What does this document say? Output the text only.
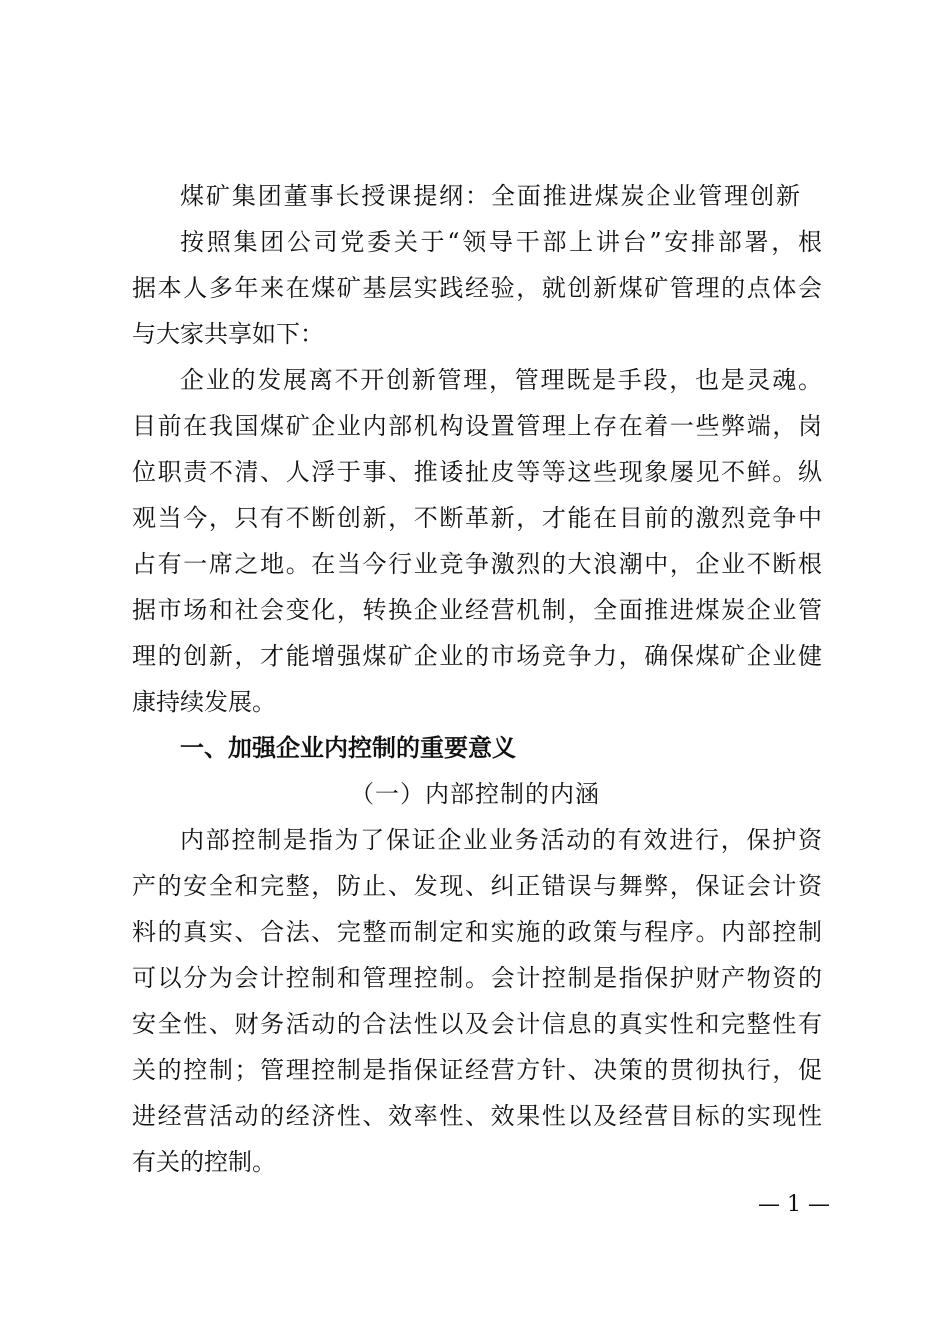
煤矿集团董事长授课提纲：全面推进煤炭企业管理创新
按照集团公司党委关于“领导干部上讲台”安排部署，根
据本人多年来在煤矿基层实践经验，就创新煤矿管理的点体会
与大家共享如下：
企业的发展离不开创新管理，管理既是手段，也是灵魂。
目前在我国煤矿企业内部机构设置管理上存在着一些弊端，岗
位职责不清、人浮于事、推诿扯皮等等这些现象屡见不鲜。纵
观当今，只有不断创新，不断革新，才能在目前的激烈竞争中
占有一席之地。在当今行业竞争激烈的大浪潮中，企业不断根
据市场和社会变化，转换企业经营机制，全面推进煤炭企业管
理的创新，才能增强煤矿企业的市场竞争力，确保煤矿企业健
康持续发展。
一、加强企业内控制的重要意义
（一）内部控制的内涵
内部控制是指为了保证企业业务活动的有效进行，保护资
产的安全和完整，防止、发现、纠正错误与舞弊，保证会计资
料的真实、合法、完整而制定和实施的政策与程序。内部控制
可以分为会计控制和管理控制。会计控制是指保护财产物资的
安全性、财务活动的合法性以及会计信息的真实性和完整性有
关的控制；管理控制是指保证经营方针、决策的贯彻执行，促
进经营活动的经济性、效率性、效果性以及经营目标的实现性
有关的控制。
— 1 —
